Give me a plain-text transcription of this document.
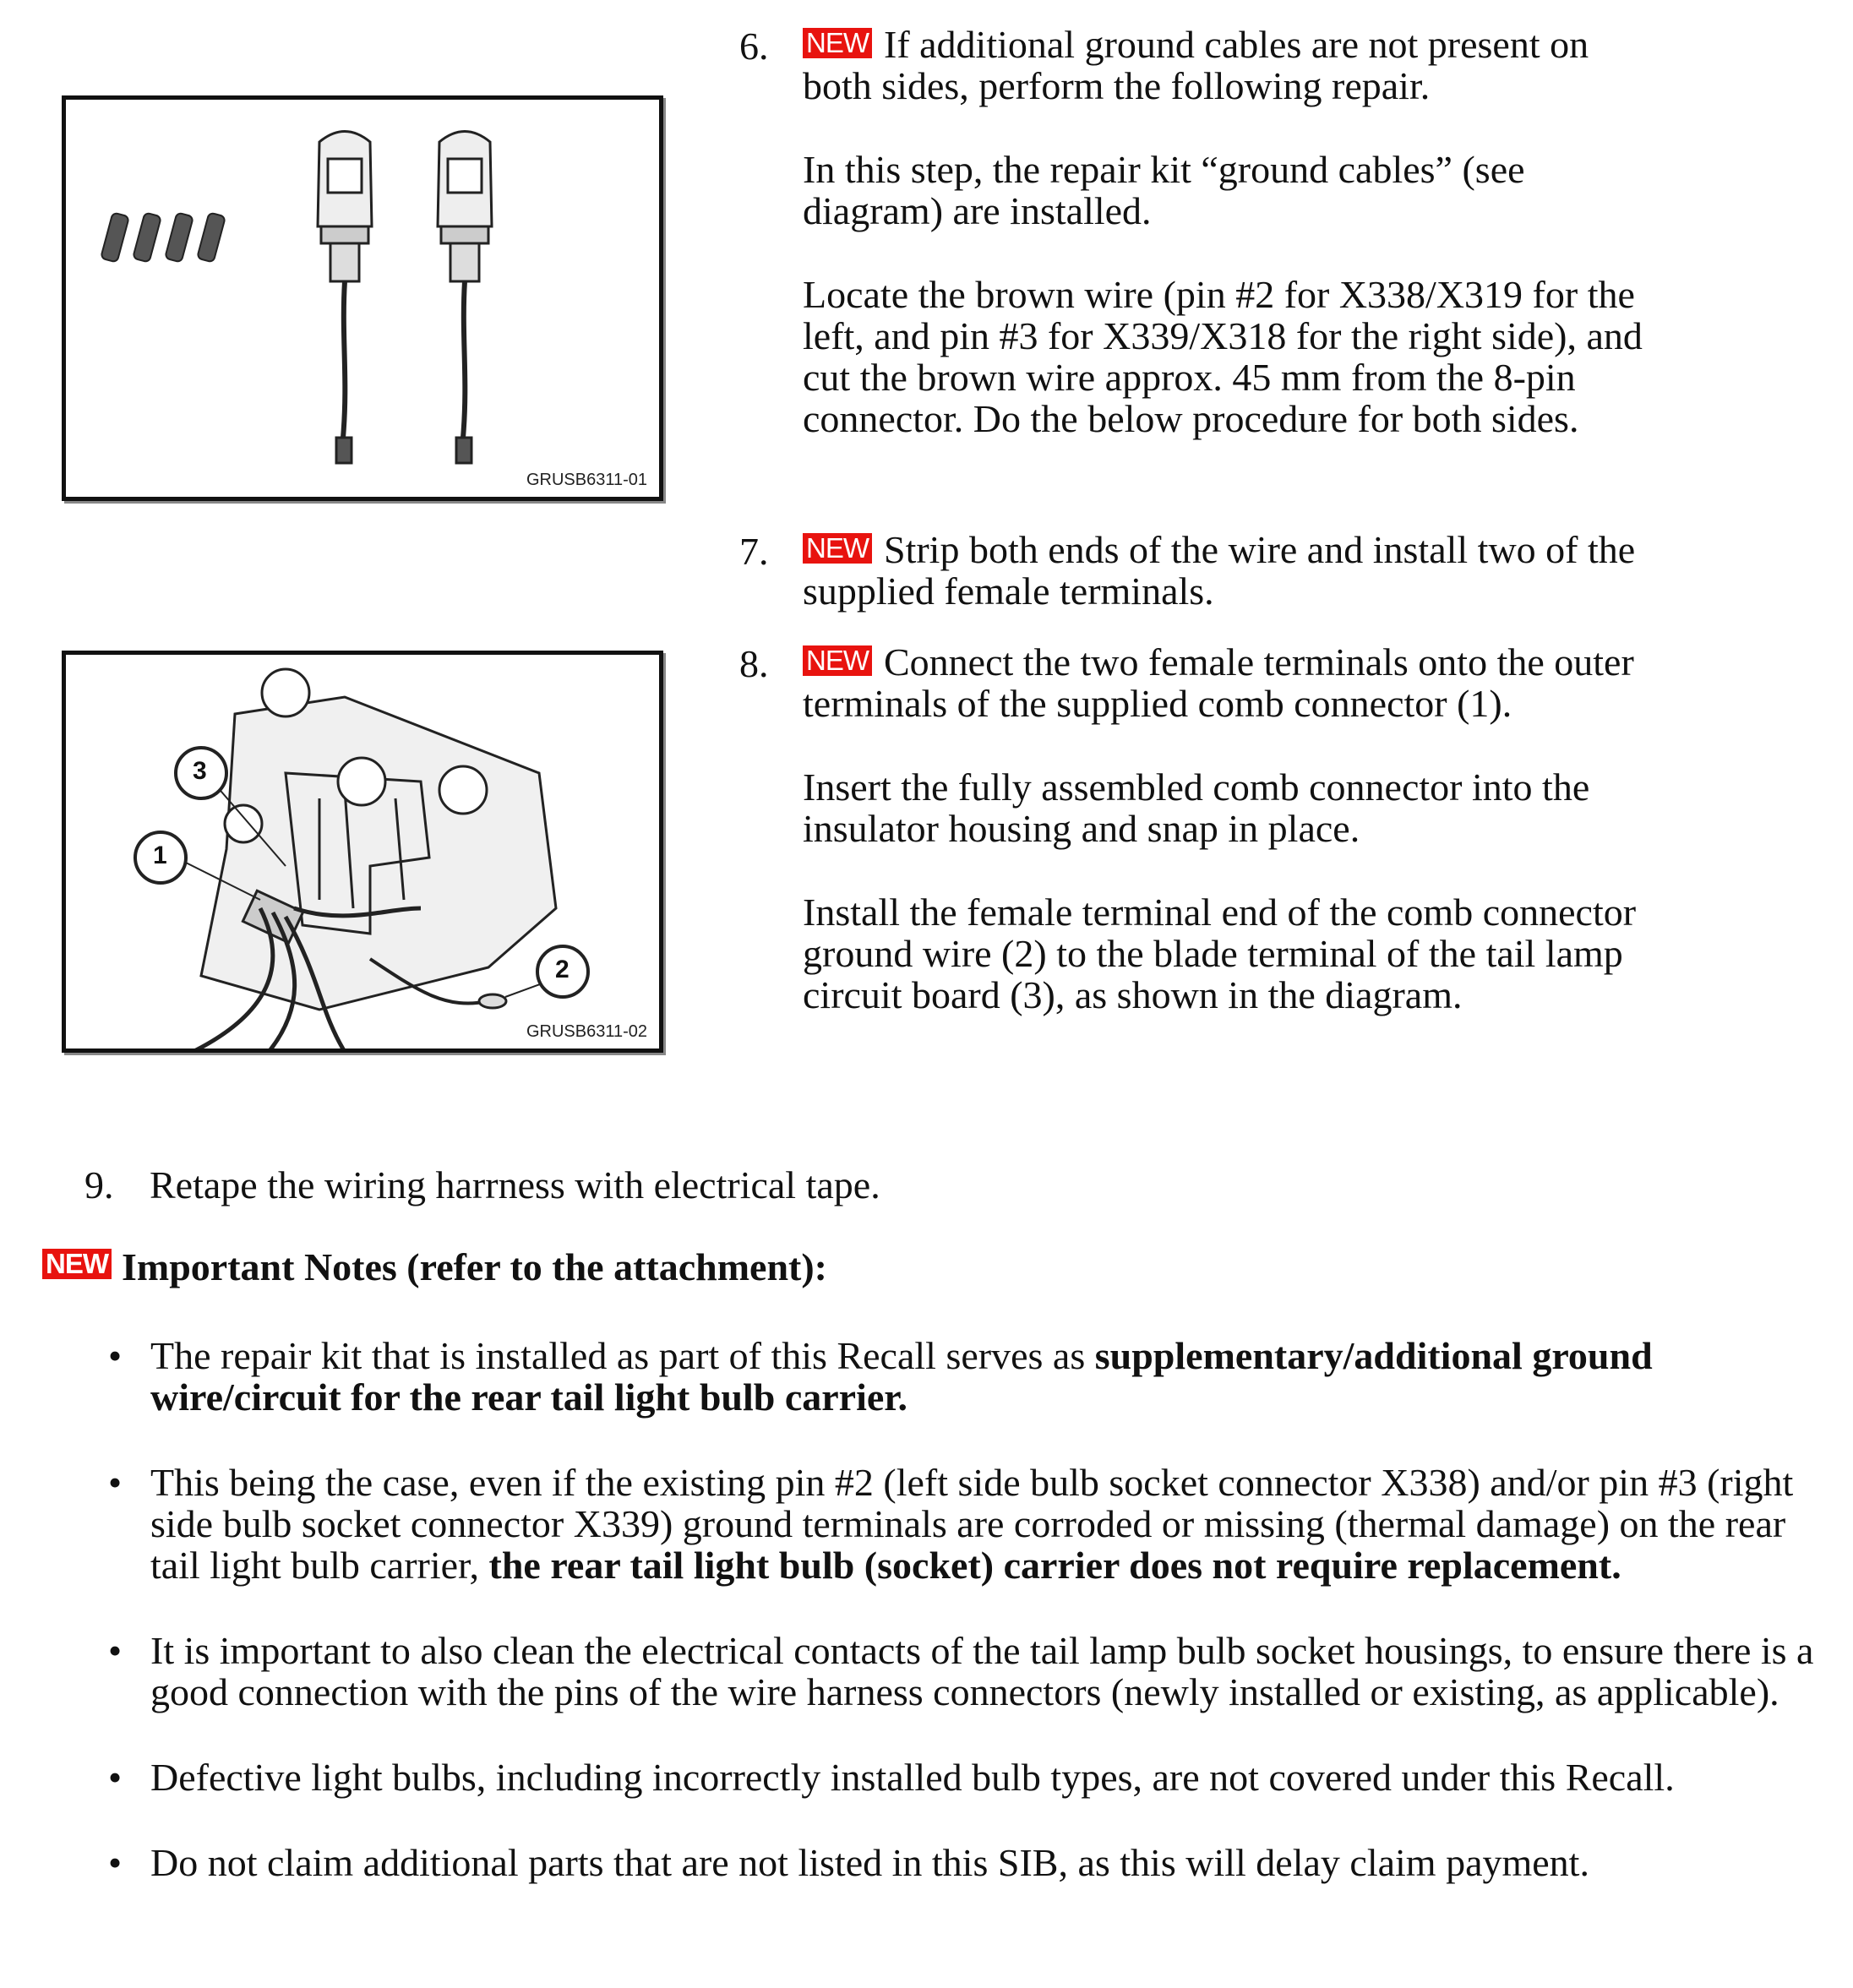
GRUSB6311-01
3
1
2
GRUSB6311-02
6. NEW If additional ground cables are not present on both sides, perform the following repair.

In this step, the repair kit “ground cables” (see diagram) are installed.

Locate the brown wire (pin #2 for X338/X319 for the left, and pin #3 for X339/X318 for the right side), and cut the brown wire approx. 45 mm from the 8-pin connector. Do the below procedure for both sides.

7. NEW Strip both ends of the wire and install two of the supplied female terminals.

8. NEW Connect the two female terminals onto the outer terminals of the supplied comb connector (1).

Insert the fully assembled comb connector into the insulator housing and snap in place.

Install the female terminal end of the comb connector ground wire (2) to the blade terminal of the tail lamp circuit board (3), as shown in the diagram.

9. Retape the wiring harrness with electrical tape.
NEW Important Notes (refer to the attachment):
• The repair kit that is installed as part of this Recall serves as supplementary/additional ground wire/circuit for the rear tail light bulb carrier.
• This being the case, even if the existing pin #2 (left side bulb socket connector X338) and/or pin #3 (right side bulb socket connector X339) ground terminals are corroded or missing (thermal damage) on the rear tail light bulb carrier, the rear tail light bulb (socket) carrier does not require replacement.
• It is important to also clean the electrical contacts of the tail lamp bulb socket housings, to ensure there is a good connection with the pins of the wire harness connectors (newly installed or existing, as applicable).
• Defective light bulbs, including incorrectly installed bulb types, are not covered under this Recall.
• Do not claim additional parts that are not listed in this SIB, as this will delay claim payment.
